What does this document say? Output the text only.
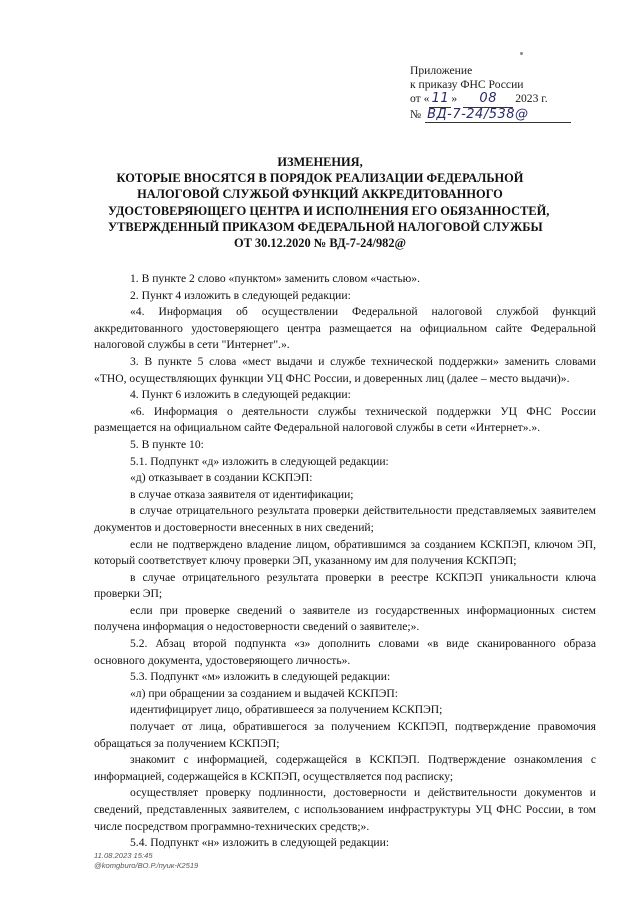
Приложение
к приказу ФНС России
от « 11 »	08	2023 г.
№ ВД-7-24/538@
ИЗМЕНЕНИЯ,
КОТОРЫЕ ВНОСЯТСЯ В ПОРЯДОК РЕАЛИЗАЦИИ ФЕДЕРАЛЬНОЙ
НАЛОГОВОЙ СЛУЖБОЙ ФУНКЦИЙ АККРЕДИТОВАННОГО
УДОСТОВЕРЯЮЩЕГО ЦЕНТРА И ИСПОЛНЕНИЯ ЕГО ОБЯЗАННОСТЕЙ,
УТВЕРЖДЕННЫЙ ПРИКАЗОМ ФЕДЕРАЛЬНОЙ НАЛОГОВОЙ СЛУЖБЫ
ОТ 30.12.2020 № ВД-7-24/982@

1. В пункте 2 слово «пунктом» заменить словом «частью».

2. Пункт 4 изложить в следующей редакции:

«4. Информация об осуществлении Федеральной налоговой службой функций аккредитованного удостоверяющего центра размещается на официальном сайте Федеральной налоговой службы в сети "Интернет".».

3. В пункте 5 слова «мест выдачи и службе технической поддержки» заменить словами «ТНО, осуществляющих функции УЦ ФНС России, и доверенных лиц (далее – место выдачи)».

4. Пункт 6 изложить в следующей редакции:

«6. Информация о деятельности службы технической поддержки УЦ ФНС России размещается на официальном сайте Федеральной налоговой службы в сети «Интернет».».

5. В пункте 10:

5.1. Подпункт «д» изложить в следующей редакции:

«д) отказывает в создании КСКПЭП:

в случае отказа заявителя от идентификации;

в случае отрицательного результата проверки действительности представляемых заявителем документов и достоверности внесенных в них сведений;

если не подтверждено владение лицом, обратившимся за созданием КСКПЭП, ключом ЭП, который соответствует ключу проверки ЭП, указанному им для получения КСКПЭП;

в случае отрицательного результата проверки в реестре КСКПЭП уникальности ключа проверки ЭП;

если при проверке сведений о заявителе из государственных информационных систем получена информация о недостоверности сведений о заявителе;».

5.2. Абзац второй подпункта «з» дополнить словами «в виде сканированного образа основного документа, удостоверяющего личность».

5.3. Подпункт «м» изложить в следующей редакции:

«л) при обращении за созданием и выдачей КСКПЭП:

идентифицирует лицо, обратившееся за получением КСКПЭП;

получает от лица, обратившегося за получением КСКПЭП, подтверждение правомочия обращаться за получением КСКПЭП;

знакомит с информацией, содержащейся в КСКПЭП. Подтверждение ознакомления с информацией, содержащейся в КСКПЭП, осуществляется под расписку;

осуществляет проверку подлинности, достоверности и действительности документов и сведений, представленных заявителем, с использованием инфраструктуры УЦ ФНС России, в том числе посредством программно-технических средств;».

5.4. Подпункт «н» изложить в следующей редакции:

11.08.2023 15:45
@komgburo/ВО.Р./пуик-К2519
